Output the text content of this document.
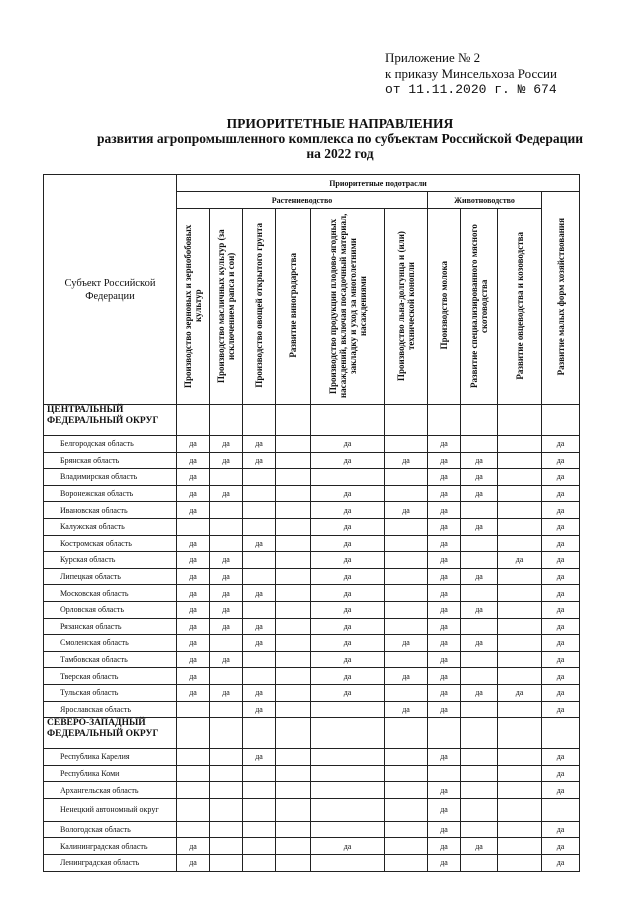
Приложение № 2
к приказу Минсельхоза России
от 11.11.2020 г. № 674
ПРИОРИТЕТНЫЕ НАПРАВЛЕНИЯ
развития агропромышленного комплекса по субъектам Российской Федерации
на 2022 год
Субъект Российской Федерации	Приоритетные подотрасли									
	Растениеводство						Животноводство			Развитие малых форм хозяйствования
	Производство зерновых и зернобобовых культур	Производство масличных культур (за исключением рапса и сои)	Производство овощей открытого грунта	Развитие виноградарства	Производство продукции плодово-ягодных насаждений, включая посадочный материал, закладку и уход за многолетними насаждениями	Производство льна-долгунца и (или) технической конопли	Производство молока	Развитие специализированного мясного скотоводства	Развитие овцеводства и козоводства	
ЦЕНТРАЛЬНЫЙ ФЕДЕРАЛЬНЫЙ ОКРУГ										
Белгородская область	да	да	да		да		да			да
Брянская область	да	да	да		да	да	да	да		да
Владимирская область	да						да	да		да
Воронежская область	да	да			да		да	да		да
Ивановская область	да				да	да	да			да
Калужская область					да		да	да		да
Костромская область	да		да		да		да			да
Курская область	да	да			да		да		да	да
Липецкая область	да	да			да		да	да		да
Московская область	да	да	да		да		да			да
Орловская область	да	да			да		да	да		да
Рязанская область	да	да	да		да		да			да
Смоленская область	да		да		да	да	да	да		да
Тамбовская область	да	да			да		да			да
Тверская область	да				да	да	да			да
Тульская область	да	да	да		да		да	да	да	да
Ярославская область			да			да	да			да
СЕВЕРО-ЗАПАДНЫЙ ФЕДЕРАЛЬНЫЙ ОКРУГ										
Республика Карелия			да				да			да
Республика Коми										да
Архангельская область							да			да
Ненецкий автономный округ							да			
Вологодская область							да			да
Калининградская область	да				да		да	да		да
Ленинградская область	да						да			да
